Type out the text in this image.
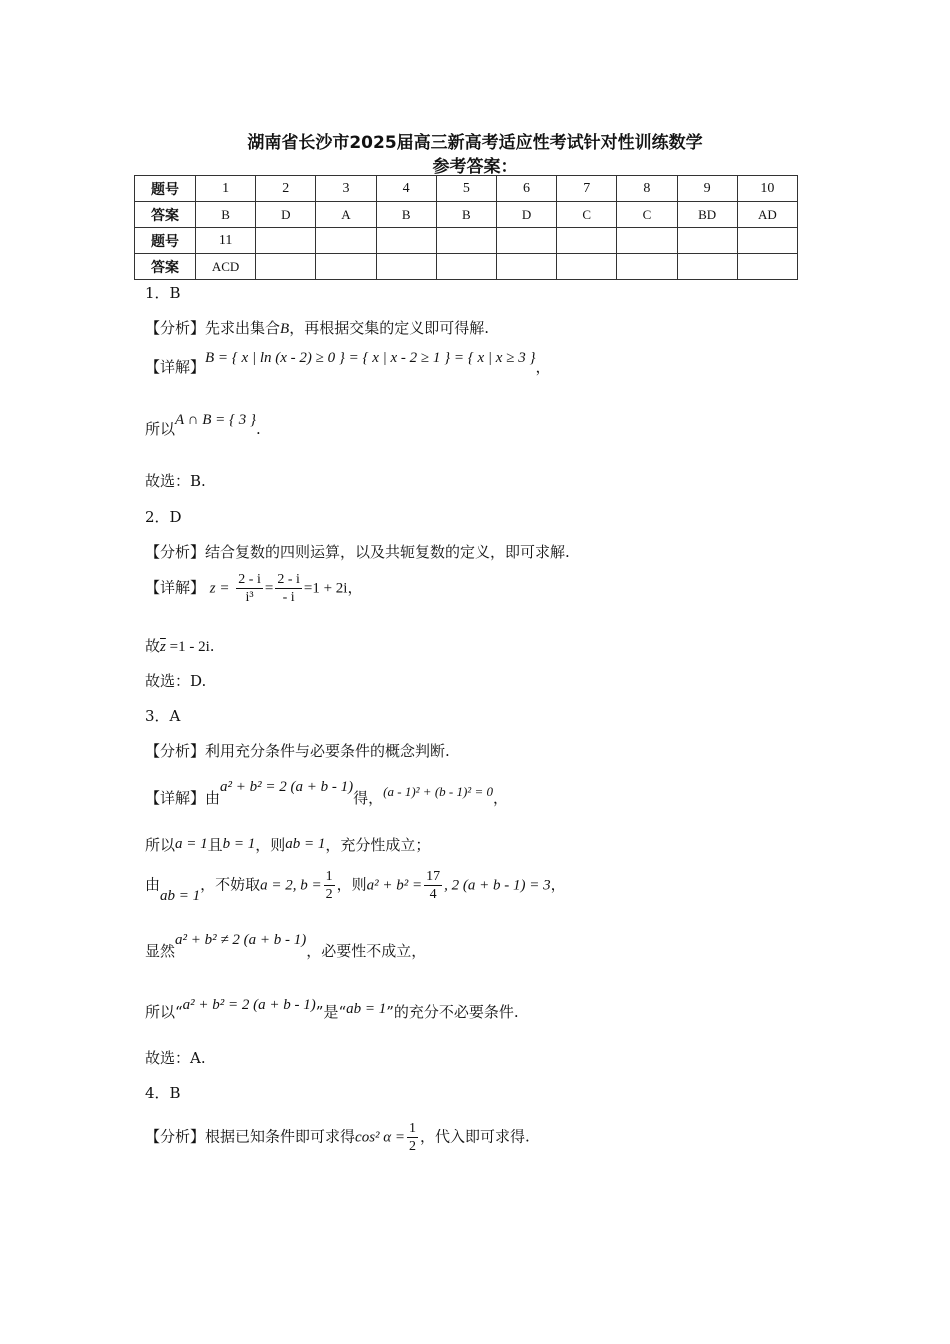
湖南省长沙市2025届高三新高考适应性考试针对性训练数学
参考答案：
题号	1	2	3	4	5	6	7	8	9	10
答案	B	D	A	B	B	D	C	C	BD	AD
题号	11									
答案	ACD									
1．B
【分析】先求出集合B，再根据交集的定义即可得解.
【详解】B = { x | ln (x - 2) ≥ 0 } = { x | x - 2 ≥ 1 } = { x | x ≥ 3 }，
所以A ∩ B = { 3 }.
故选：B.
2．D
【分析】结合复数的四则运算，以及共轭复数的定义，即可求解.
【详解】 $z = \frac{2 - i}{\text{i³}} = \frac{2 - i}{- i} =1 + 2i$，
故$\overline{z} =1 - 2i$.
故选：D.
3．A
【分析】利用充分条件与必要条件的概念判断.
【详解】由a² + b² = 2 (a + b - 1)得，(a - 1)² + (b - 1)² = 0，
所以a = 1且b = 1，则ab = 1，充分性成立；
由ab = 1，不妨取a = 2, $b = \frac{1}{2}$ ，则$a^2 + b^2 = \frac{17}{4}$ , 2 (a + b - 1) = 3，
显然a² + b² ≠ 2 (a + b - 1)，必要性不成立，
所以“a² + b² = 2 (a + b - 1)”是“ab = 1”的充分不必要条件.
故选：A.
4．B
【分析】根据已知条件即可求得cos² $\alpha = \frac{1}{2}$ ，代入即可求得.
